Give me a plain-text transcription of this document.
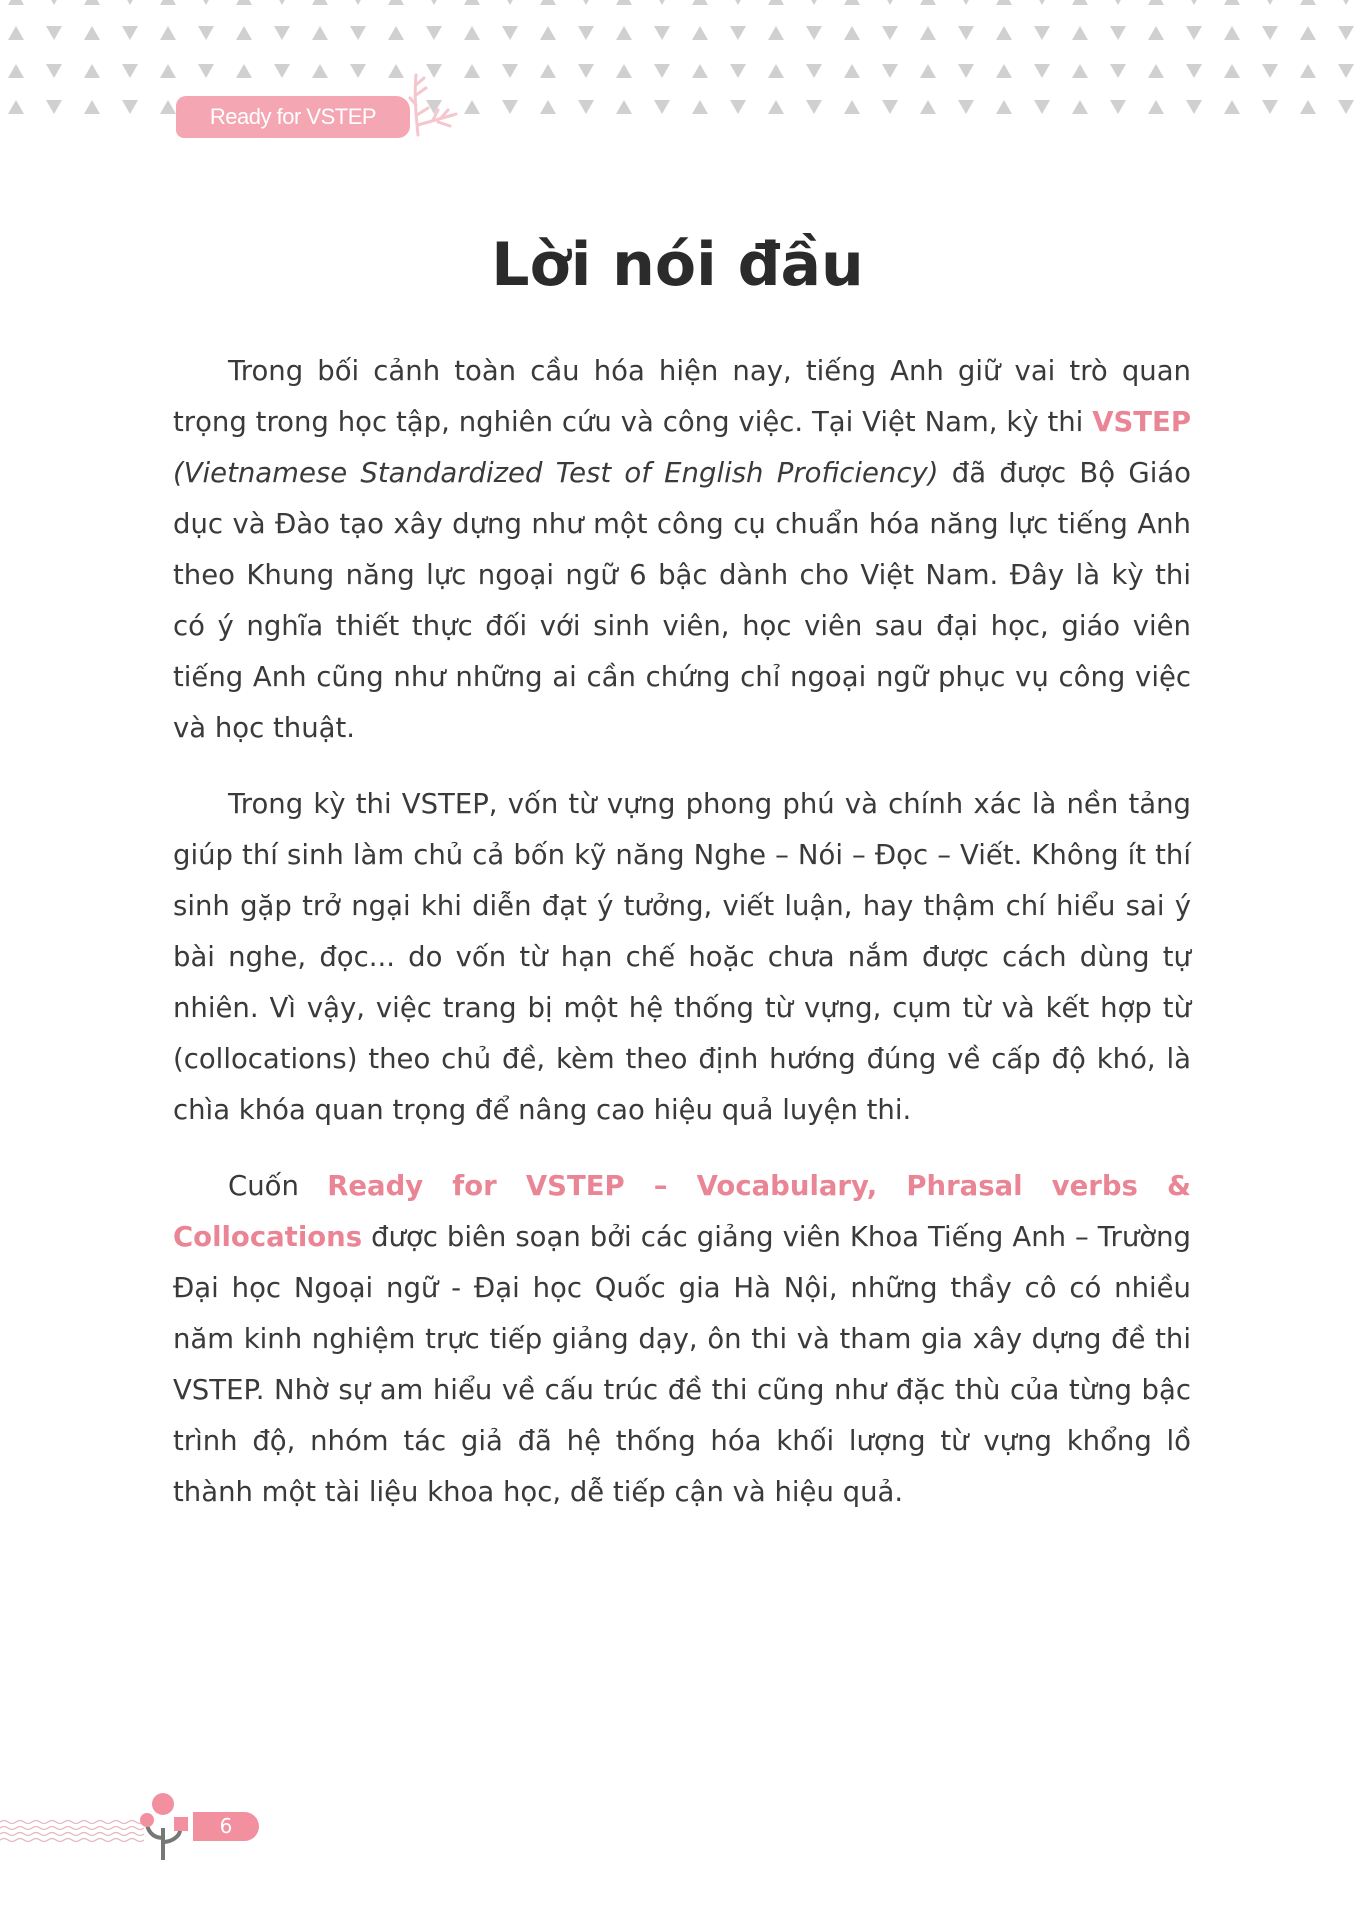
Ready for VSTEP
Lời nói đầu

Trong bối cảnh toàn cầu hóa hiện nay, tiếng Anh giữ vai trò quan trọng trong học tập, nghiên cứu và công việc. Tại Việt Nam, kỳ thi VSTEP (Vietnamese Standardized Test of English Proficiency) đã được Bộ Giáo dục và Đào tạo xây dựng như một công cụ chuẩn hóa năng lực tiếng Anh theo Khung năng lực ngoại ngữ 6 bậc dành cho Việt Nam. Đây là kỳ thi có ý nghĩa thiết thực đối với sinh viên, học viên sau đại học, giáo viên tiếng Anh cũng như những ai cần chứng chỉ ngoại ngữ phục vụ công việc và học thuật.

Trong kỳ thi VSTEP, vốn từ vựng phong phú và chính xác là nền tảng giúp thí sinh làm chủ cả bốn kỹ năng Nghe – Nói – Đọc – Viết. Không ít thí sinh gặp trở ngại khi diễn đạt ý tưởng, viết luận, hay thậm chí hiểu sai ý bài nghe, đọc... do vốn từ hạn chế hoặc chưa nắm được cách dùng tự nhiên. Vì vậy, việc trang bị một hệ thống từ vựng, cụm từ và kết hợp từ (collocations) theo chủ đề, kèm theo định hướng đúng về cấp độ khó, là chìa khóa quan trọng để nâng cao hiệu quả luyện thi.

Cuốn Ready for VSTEP – Vocabulary, Phrasal verbs & Collocations được biên soạn bởi các giảng viên Khoa Tiếng Anh – Trường Đại học Ngoại ngữ - Đại học Quốc gia Hà Nội, những thầy cô có nhiều năm kinh nghiệm trực tiếp giảng dạy, ôn thi và tham gia xây dựng đề thi VSTEP. Nhờ sự am hiểu về cấu trúc đề thi cũng như đặc thù của từng bậc trình độ, nhóm tác giả đã hệ thống hóa khối lượng từ vựng khổng lồ thành một tài liệu khoa học, dễ tiếp cận và hiệu quả.

6
